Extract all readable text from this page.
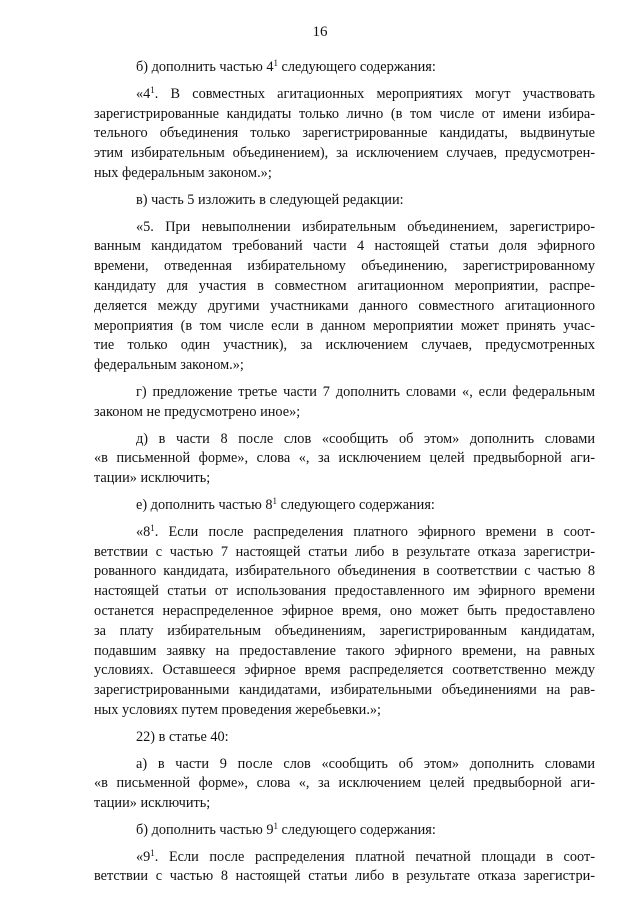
16
б) дополнить частью $4^1$ следующего содержания:
«$4^1$. В совместных агитационных мероприятиях могут участвовать
зарегистрированные кандидаты только лично (в том числе от имени избира-
тельного объединения только зарегистрированные кандидаты, выдвинутые
этим избирательным объединением), за исключением случаев, предусмотрен-
ных федеральным законом.»;
в) часть 5 изложить в следующей редакции:
«5. При невыполнении избирательным объединением, зарегистриро-
ванным кандидатом требований части 4 настоящей статьи доля эфирного
времени, отведенная избирательному объединению, зарегистрированному
кандидату для участия в совместном агитационном мероприятии, распре-
деляется между другими участниками данного совместного агитационного
мероприятия (в том числе если в данном мероприятии может принять учас-
тие только один участник), за исключением случаев, предусмотренных
федеральным законом.»;
г) предложение третье части 7 дополнить словами «, если федеральным
законом не предусмотрено иное»;
д) в части 8 после слов «сообщить об этом» дополнить словами
«в письменной форме», слова «, за исключением целей предвыборной аги-
тации» исключить;
е) дополнить частью $8^1$ следующего содержания:
«$8^1$. Если после распределения платного эфирного времени в соот-
ветствии с частью 7 настоящей статьи либо в результате отказа зарегистри-
рованного кандидата, избирательного объединения в соответствии с частью 8
настоящей статьи от использования предоставленного им эфирного времени
останется нераспределенное эфирное время, оно может быть предоставлено
за плату избирательным объединениям, зарегистрированным кандидатам,
подавшим заявку на предоставление такого эфирного времени, на равных
условиях. Оставшееся эфирное время распределяется соответственно между
зарегистрированными кандидатами, избирательными объединениями на рав-
ных условиях путем проведения жеребьевки.»;
22) в статье 40:
а) в части 9 после слов «сообщить об этом» дополнить словами
«в письменной форме», слова «, за исключением целей предвыборной аги-
тации» исключить;
б) дополнить частью $9^1$ следующего содержания:
«$9^1$. Если после распределения платной печатной площади в соот-
ветствии с частью 8 настоящей статьи либо в результате отказа зарегистри-
